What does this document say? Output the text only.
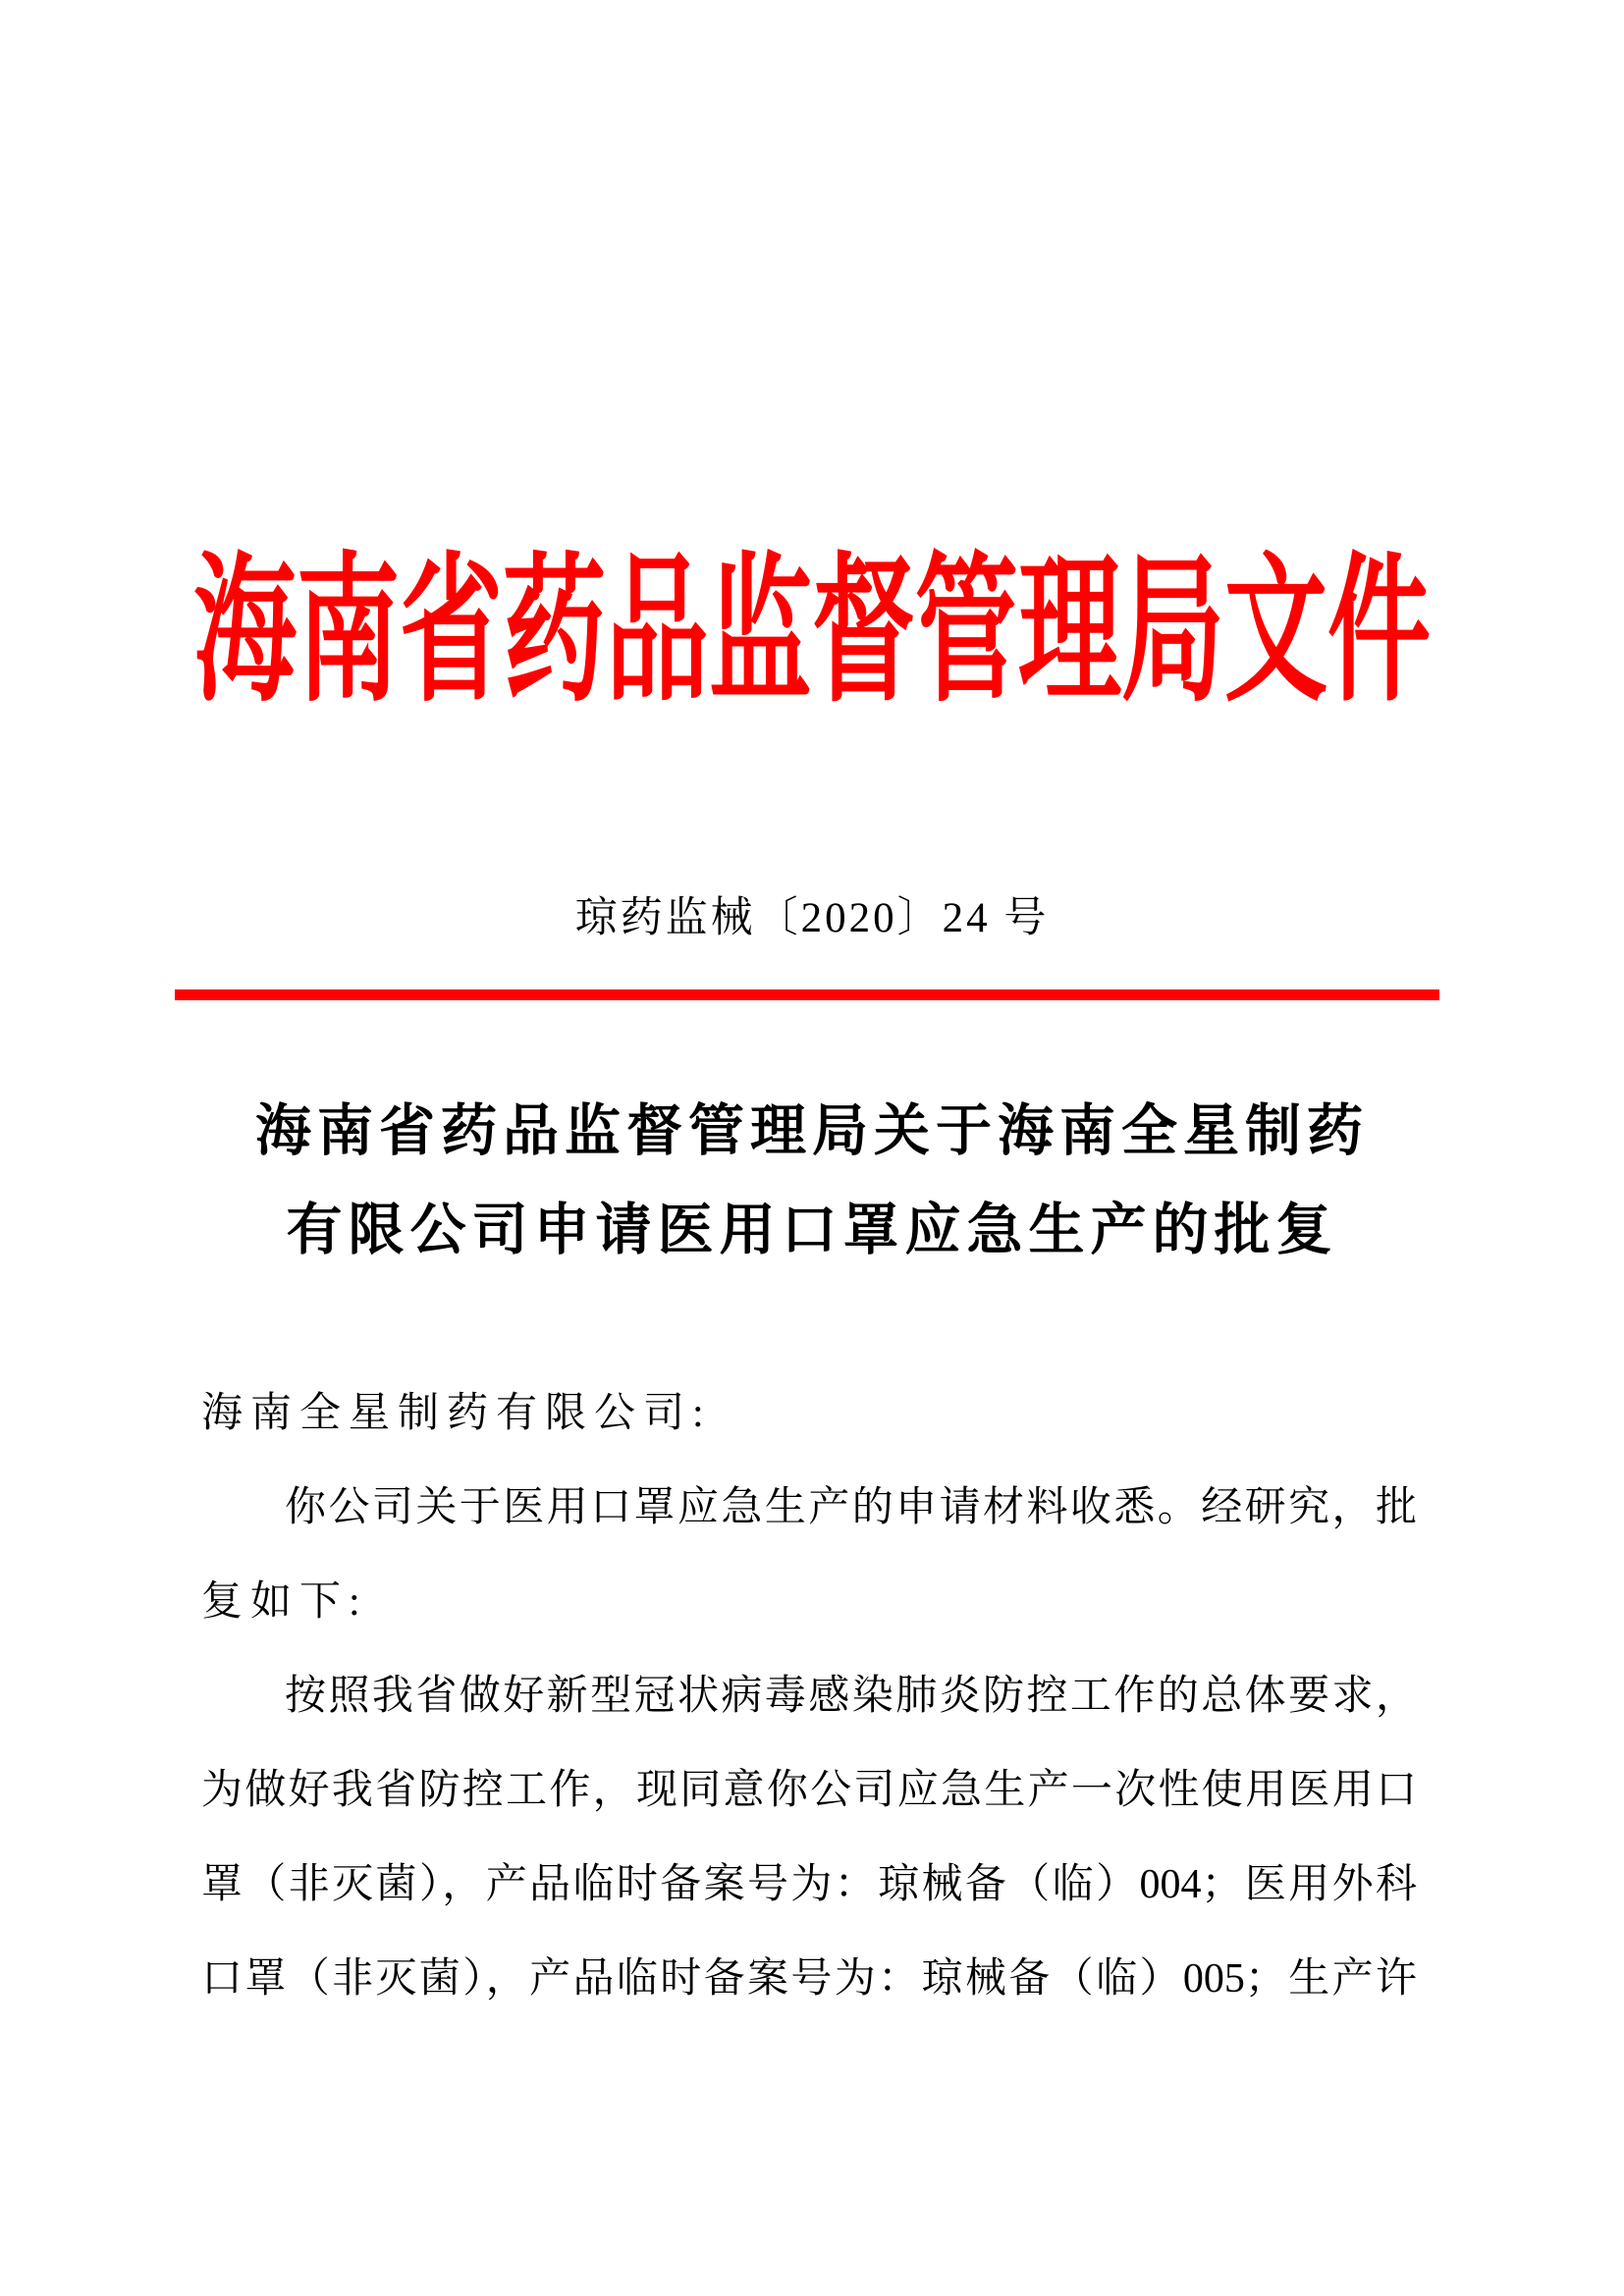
海南省药品监督管理局文件
琼药监械〔2020〕24 号
海南省药品监督管理局关于海南全星制药
有限公司申请医用口罩应急生产的批复
海南全星制药有限公司:
你公司关于医用口罩应急生产的申请材料收悉。经研究，批
复如下:
按照我省做好新型冠状病毒感染肺炎防控工作的总体要求，
为做好我省防控工作，现同意你公司应急生产一次性使用医用口
罩（非灭菌），产品临时备案号为：琼械备（临）004；医用外科
口罩（非灭菌），产品临时备案号为：琼械备（临）005；生产许
